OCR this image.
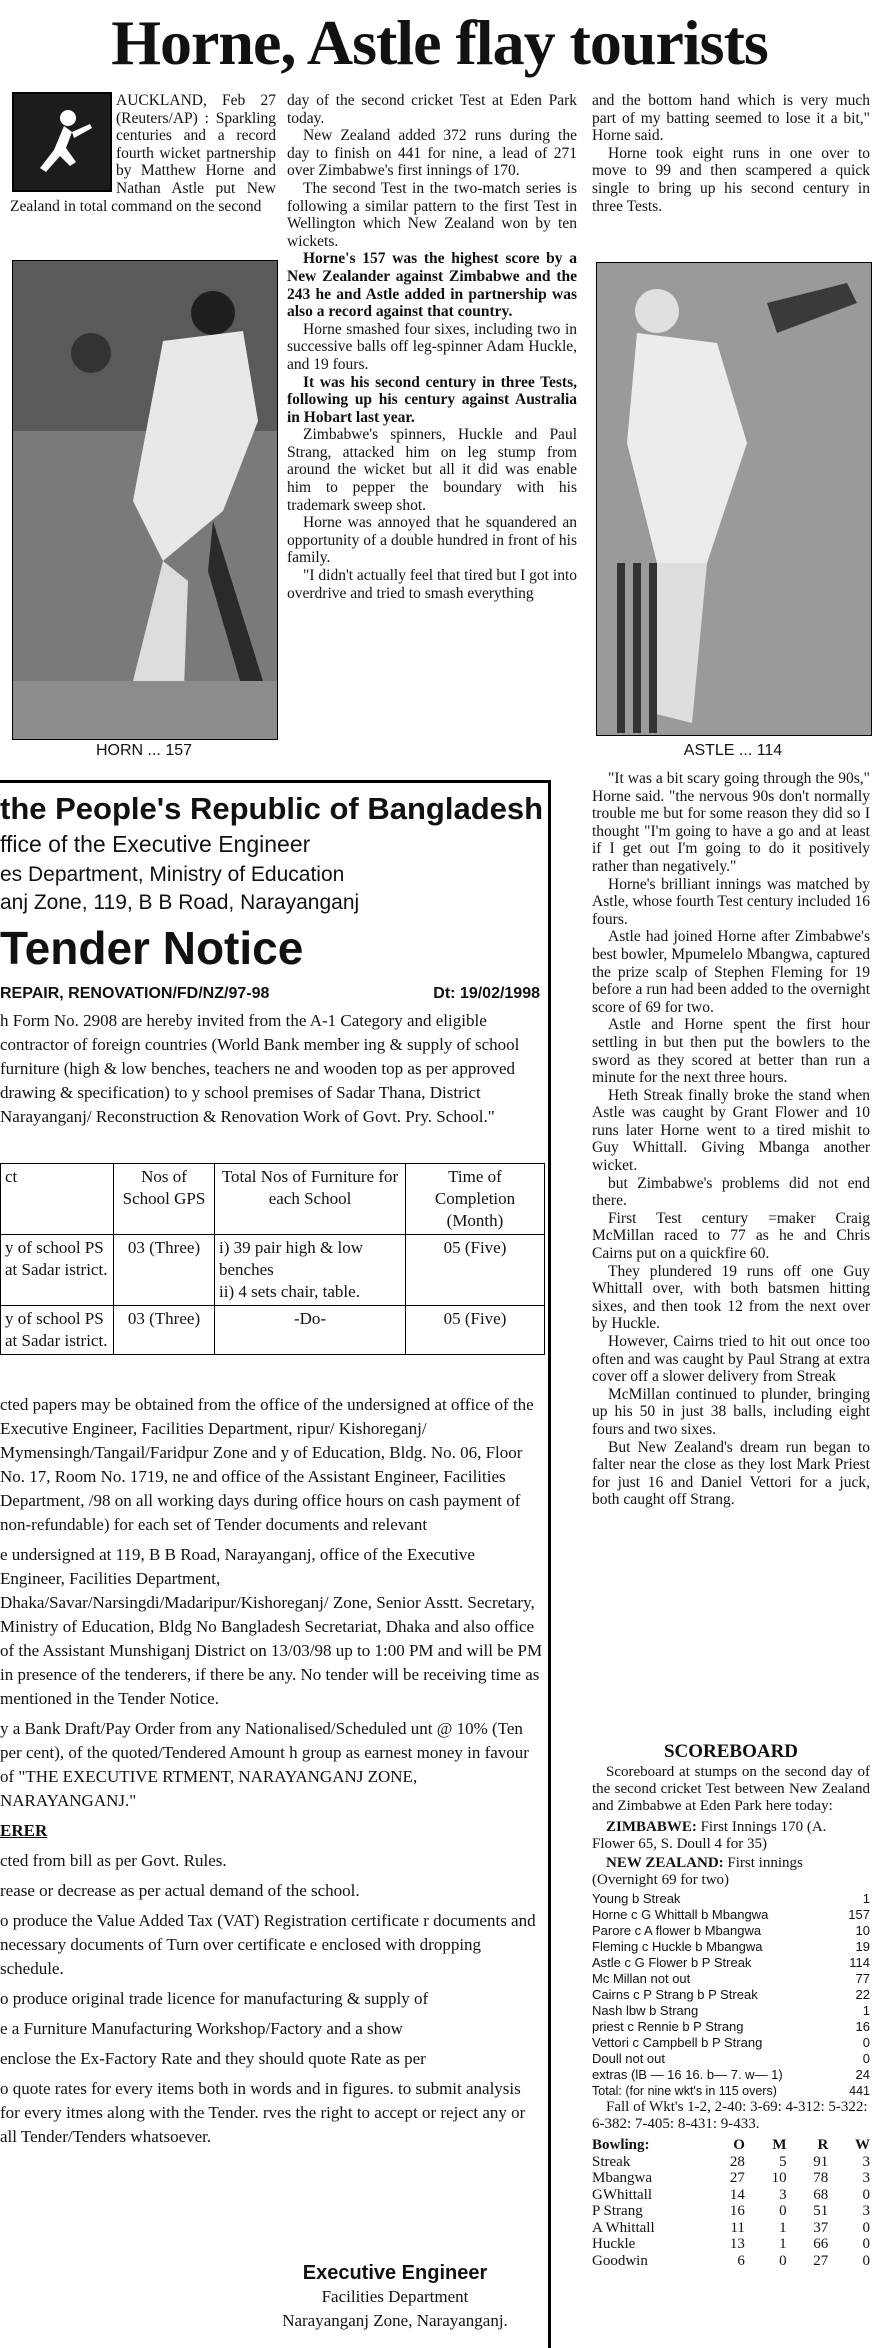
Horne, Astle flay tourists
AUCKLAND, Feb 27 (Reuters/AP) : Sparkling centuries and a record fourth wicket partnership by Matthew Horne and Nathan Astle put New Zealand in total command on the second
HORN ... 157

day of the second cricket Test at Eden Park today.

New Zealand added 372 runs during the day to finish on 441 for nine, a lead of 271 over Zimbabwe's first innings of 170.

The second Test in the two-match series is following a similar pattern to the first Test in Wellington which New Zealand won by ten wickets.

Horne's 157 was the highest score by a New Zealander against Zimbabwe and the 243 he and Astle added in partnership was also a record against that country.

Horne smashed four sixes, including two in successive balls off leg-spinner Adam Huckle, and 19 fours.

It was his second century in three Tests, following up his century against Australia in Hobart last year.

Zimbabwe's spinners, Huckle and Paul Strang, attacked him on leg stump from around the wicket but all it did was enable him to pepper the boundary with his trademark sweep shot.

Horne was annoyed that he squandered an opportunity of a double hundred in front of his family.

"I didn't actually feel that tired but I got into overdrive and tried to smash everything

and the bottom hand which is very much part of my batting seemed to lose it a bit," Horne said.

Horne took eight runs in one over to move to 99 and then scampered a quick single to bring up his second century in three Tests.

ASTLE ... 114

"It was a bit scary going through the 90s," Horne said. "the nervous 90s don't normally trouble me but for some reason they did so I thought "I'm going to have a go and at least if I get out I'm going to do it positively rather than negatively."

Horne's brilliant innings was matched by Astle, whose fourth Test century included 16 fours.

Astle had joined Horne after Zimbabwe's best bowler, Mpumelelo Mbangwa, captured the prize scalp of Stephen Fleming for 19 before a run had been added to the overnight score of 69 for two.

Astle and Horne spent the first hour settling in but then put the bowlers to the sword as they scored at better than run a minute for the next three hours.

Heth Streak finally broke the stand when Astle was caught by Grant Flower and 10 runs later Horne went to a tired mishit to Guy Whittall. Giving Mbanga another wicket.

but Zimbabwe's problems did not end there.

First Test century =maker Craig McMillan raced to 77 as he and Chris Cairns put on a quickfire 60.

They plundered 19 runs off one Guy Whittall over, with both batsmen hitting sixes, and then took 12 from the next over by Huckle.

However, Cairns tried to hit out once too often and was caught by Paul Strang at extra cover off a slower delivery from Streak

McMillan continued to plunder, bringing up his 50 in just 38 balls, including eight fours and two sixes.

But New Zealand's dream run began to falter near the close as they lost Mark Priest for just 16 and Daniel Vettori for a juck, both caught off Strang.

SCOREBOARD
Scoreboard at stumps on the second day of the second cricket Test between New Zealand and Zimbabwe at Eden Park here today:
ZIMBABWE: First Innings 170 (A. Flower 65, S. Doull 4 for 35)
NEW ZEALAND: First innings (Overnight 69 for two)
Young b Streak	1
Horne c G Whittall b Mbangwa	157
Parore c A flower b Mbangwa	10
Fleming c Huckle b Mbangwa	19
Astle c G Flower b P Streak	114
Mc Millan not out	77
Cairns c P Strang b P Streak	22
Nash lbw b Strang	1
priest c Rennie b P Strang	16
Vettori c Campbell b P Strang	0
Doull not out	0
extras (lB — 16 16. b— 7. w— 1)	24
Total: (for nine wkt's in 115 overs)	441
Fall of Wkt's 1-2, 2-40: 3-69: 4-312: 5-322: 6-382: 7-405: 8-431: 9-433.
Bowling:	O	M	R	W
Streak	28	5	91	3
Mbangwa	27	10	78	3
GWhittall	14	3	68	0
P Strang	16	0	51	3
A Whittall	11	1	37	0
Huckle	13	1	66	0
Goodwin	6	0	27	0
the People's Republic of Bangladesh
ffice of the Executive Engineer
es Department, Ministry of Education
anj Zone, 119, B B Road, Narayanganj
Tender Notice
REPAIR, RENOVATION/FD/NZ/97-98	Dt: 19/02/1998

h Form No. 2908 are hereby invited from the A-1 Category and eligible contractor of foreign countries (World Bank member ing & supply of school furniture (high & low benches, teachers ne and wooden top as per approved drawing & specification) to y school premises of Sadar Thana, District Narayanganj/ Reconstruction & Renovation Work of Govt. Pry. School."

ct	Nos of School GPS	Total Nos of Furniture for each School	Time of Completion (Month)
y of school PS at Sadar istrict.	03 (Three)	i) 39 pair high & low benches
ii) 4 sets chair, table.	05 (Five)
y of school PS at Sadar istrict.	03 (Three)	-Do-	05 (Five)

cted papers may be obtained from the office of the undersigned at office of the Executive Engineer, Facilities Department, ripur/ Kishoreganj/ Mymensingh/Tangail/Faridpur Zone and y of Education, Bldg. No. 06, Floor No. 17, Room No. 1719, ne and office of the Assistant Engineer, Facilities Department, /98 on all working days during office hours on cash payment of non-refundable) for each set of Tender documents and relevant

e undersigned at 119, B B Road, Narayanganj, office of the Executive Engineer, Facilities Department, Dhaka/Savar/Narsingdi/Madaripur/Kishoreganj/ Zone, Senior Asstt. Secretary, Ministry of Education, Bldg No Bangladesh Secretariat, Dhaka and also office of the Assistant Munshiganj District on 13/03/98 up to 1:00 PM and will be PM in presence of the tenderers, if there be any. No tender will be receiving time as mentioned in the Tender Notice.

y a Bank Draft/Pay Order from any Nationalised/Scheduled unt @ 10% (Ten per cent), of the quoted/Tendered Amount h group as earnest money in favour of "THE EXECUTIVE RTMENT, NARAYANGANJ ZONE, NARAYANGANJ."

ERER

cted from bill as per Govt. Rules.

rease or decrease as per actual demand of the school.

o produce the Value Added Tax (VAT) Registration certificate r documents and necessary documents of Turn over certificate e enclosed with dropping schedule.

o produce original trade licence for manufacturing & supply of

e a Furniture Manufacturing Workshop/Factory and a show

enclose the Ex-Factory Rate and they should quote Rate as per

o quote rates for every items both in words and in figures. to submit analysis for every itmes along with the Tender. rves the right to accept or reject any or all Tender/Tenders whatsoever.

Executive Engineer
Facilities Department
Narayanganj Zone, Narayanganj.
